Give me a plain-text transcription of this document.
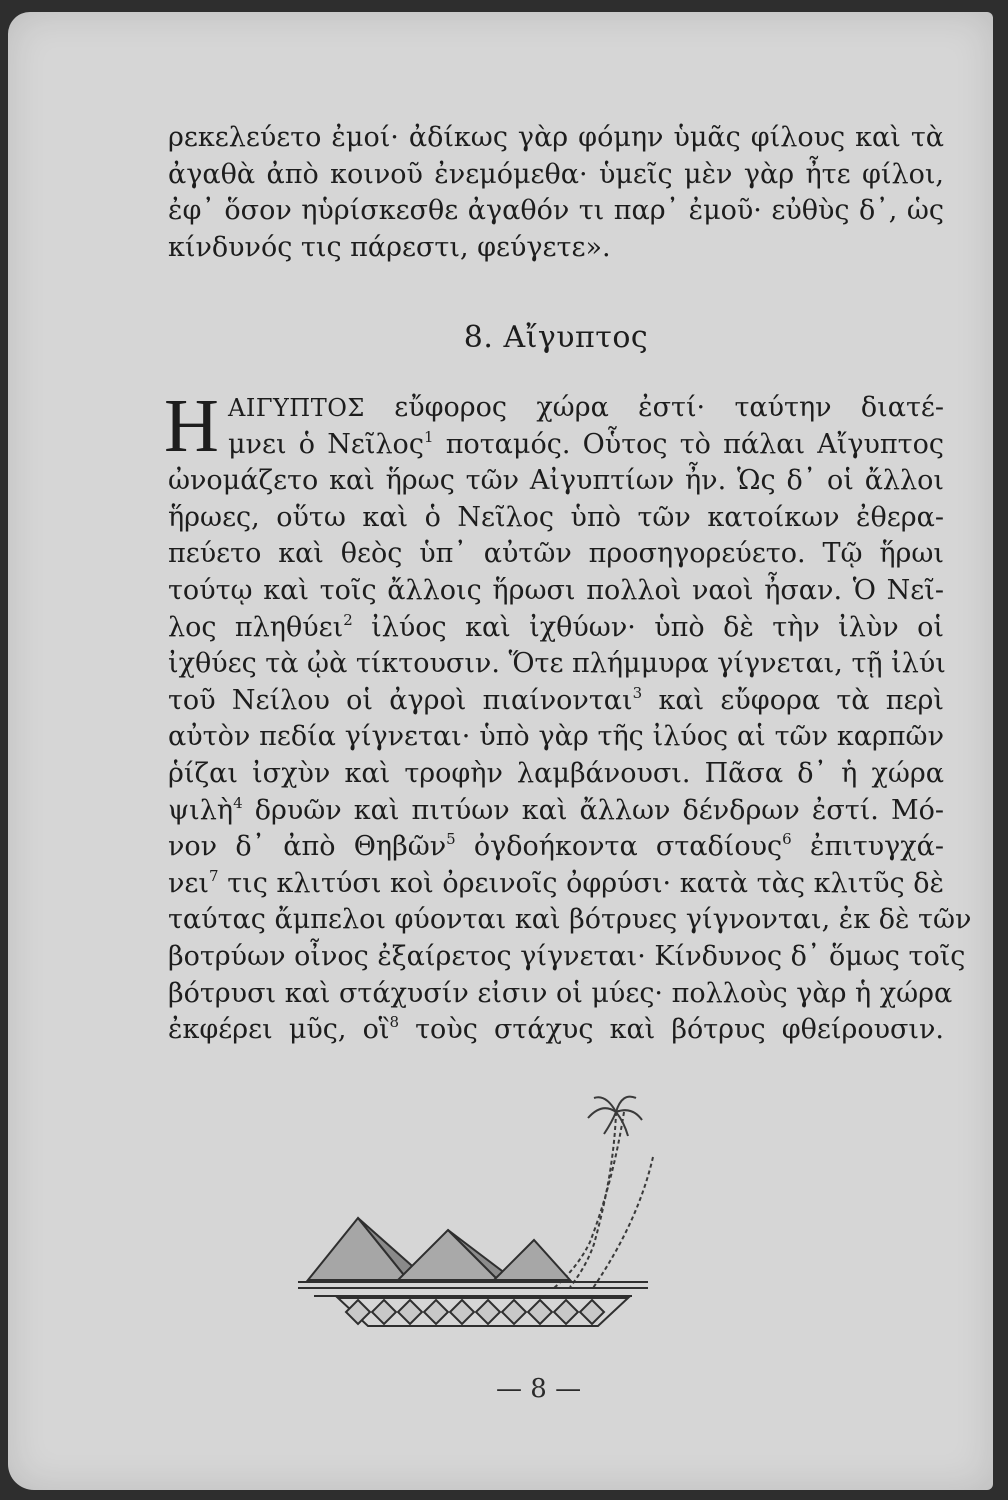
ρεκελεύετο ἐμοί· ἀδίκως γὰρ φόμην ὑμᾶς φίλους καὶ τὰ
ἀγαθὰ ἀπὸ κοινοῦ ἐνεμόμεθα· ὑμεῖς μὲν γὰρ ἦτε φίλοι,
ἐφ᾽ ὅσον ηὑρίσκεσθε ἀγαθόν τι παρ᾽ ἐμοῦ· εὐθὺς δ᾽, ὡς
κίνδυνός τις πάρεστι, φεύγετε».
8. Αἴγυπτος
Η ΑΙΓΥΠΤΟΣ εὔφορος χώρα ἐστί· ταύτην διατέ-
μνει ὁ Νεῖλος$^1$ ποταμός. Οὗτος τὸ πάλαι Αἴγυπτος
ὠνομάζετο καὶ ἥρως τῶν Αἰγυπτίων ἦν. Ὡς δ᾽ οἱ ἄλλοι
ἥρωες, οὕτω καὶ ὁ Νεῖλος ὑπὸ τῶν κατοίκων ἐθερα-
πεύετο καὶ θεὸς ὑπ᾽ αὐτῶν προσηγορεύετο. Τῷ ἥρωι
τούτῳ καὶ τοῖς ἄλλοις ἥρωσι πολλοὶ ναοὶ ἦσαν. Ὁ Νεῖ-
λος πληθύει$^2$ ἰλύος καὶ ἰχθύων· ὑπὸ δὲ τὴν ἰλὺν οἱ
ἰχθύες τὰ ᾠὰ τίκτουσιν. Ὅτε πλήμμυρα γίγνεται, τῇ ἰλύι
τοῦ Νείλου οἱ ἀγροὶ πιαίνονται$^3$ καὶ εὔφορα τὰ περὶ
αὐτὸν πεδία γίγνεται· ὑπὸ γὰρ τῆς ἰλύος αἱ τῶν καρπῶν
ῥίζαι ἰσχὺν καὶ τροφὴν λαμβάνουσι. Πᾶσα δ᾽ ἡ χώρα
ψιλὴ$^4$ δρυῶν καὶ πιτύων καὶ ἄλλων δένδρων ἐστί. Μό-
νον δ᾽ ἀπὸ Θηβῶν$^5$ ὀγδοήκοντα σταδίους$^6$ ἐπιτυγχά-
νει$^7$ τις κλιτύσι κοὶ ὀρεινοῖς ὀφρύσι· κατὰ τὰς κλιτῦς δὲ
ταύτας ἄμπελοι φύονται καὶ βότρυες γίγνονται, ἐκ δὲ τῶν
βοτρύων οἶνος ἐξαίρετος γίγνεται· Κίνδυνος δ᾽ ὅμως τοῖς
βότρυσι καὶ στάχυσίν εἰσιν οἱ μύες· πολλοὺς γὰρ ἡ χώρα
ἐκφέρει μῦς, οἳ$^8$ τοὺς στάχυς καὶ βότρυς φθείρουσιν.
— 8 —
